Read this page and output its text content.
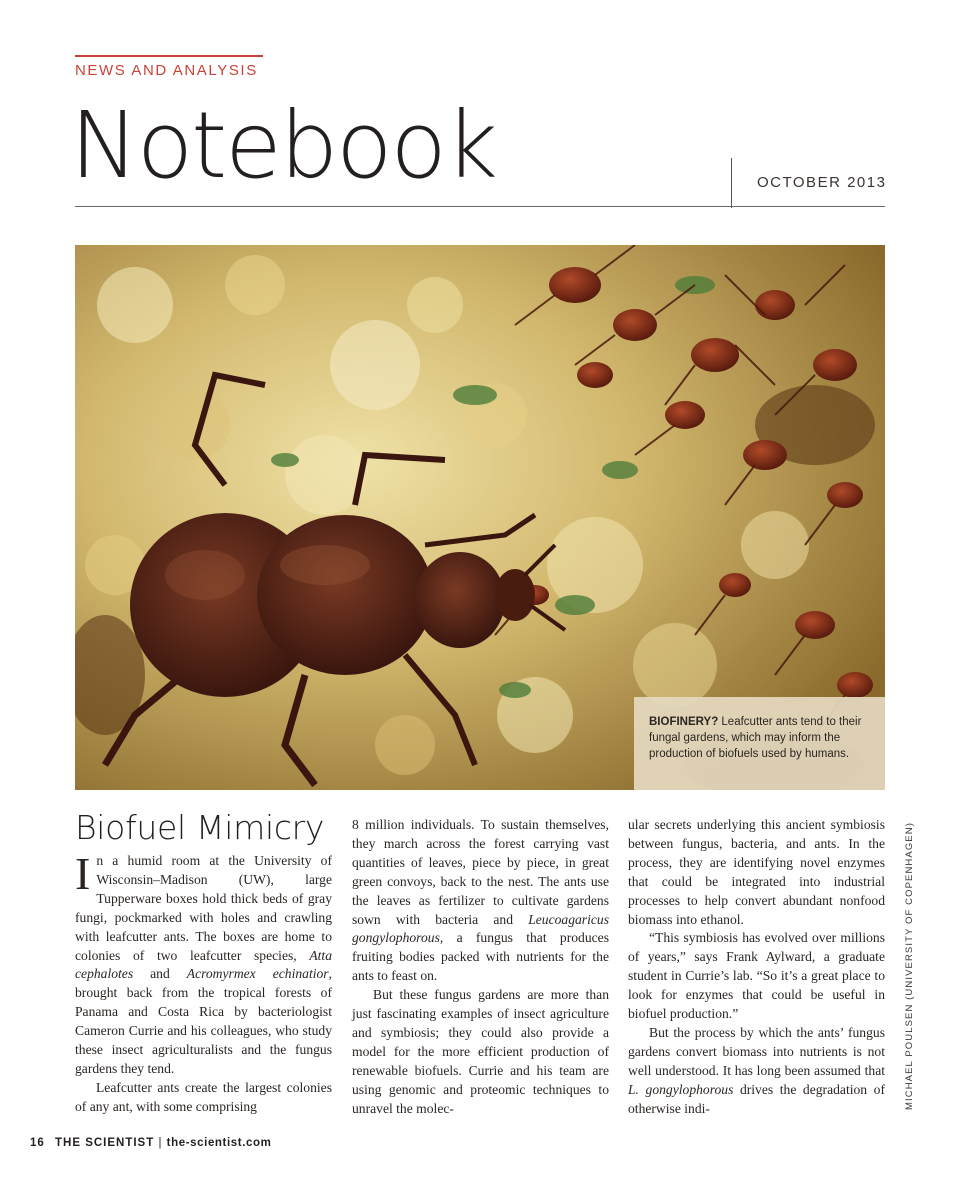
NEWS AND ANALYSIS
Notebook	OCTOBER 2013
BIOFINERY? Leafcutter ants tend to their fungal gardens, which may inform the production of biofuels used by humans.
Biofuel Mimicry

In a humid room at the University of Wisconsin–Madison (UW), large Tupperware boxes hold thick beds of gray fungi, pockmarked with holes and crawling with leafcutter ants. The boxes are home to colonies of two leafcutter species, Atta cephalotes and Acromyrmex echinatior, brought back from the tropical forests of Panama and Costa Rica by bacteriologist Cameron Currie and his colleagues, who study these insect agriculturalists and the fungus gardens they tend.

Leafcutter ants create the largest colonies of any ant, with some comprising

8 million individuals. To sustain themselves, they march across the forest carrying vast quantities of leaves, piece by piece, in great green convoys, back to the nest. The ants use the leaves as fertilizer to cultivate gardens sown with bacteria and Leucoagaricus gongylophorous, a fungus that produces fruiting bodies packed with nutrients for the ants to feast on.

But these fungus gardens are more than just fascinating examples of insect agriculture and symbiosis; they could also provide a model for the more efficient production of renewable biofuels. Currie and his team are using genomic and proteomic techniques to unravel the molec-

ular secrets underlying this ancient symbiosis between fungus, bacteria, and ants. In the process, they are identifying novel enzymes that could be integrated into industrial processes to help convert abundant nonfood biomass into ethanol.

“This symbiosis has evolved over millions of years,” says Frank Aylward, a graduate student in Currie’s lab. “So it’s a great place to look for enzymes that could be useful in biofuel production.”

But the process by which the ants’ fungus gardens convert biomass into nutrients is not well understood. It has long been assumed that L. gongylophorous drives the degradation of otherwise indi-	MICHAEL POULSEN (UNIVERSITY OF COPENHAGEN)
16 THE SCIENTIST | the-scientist.com
